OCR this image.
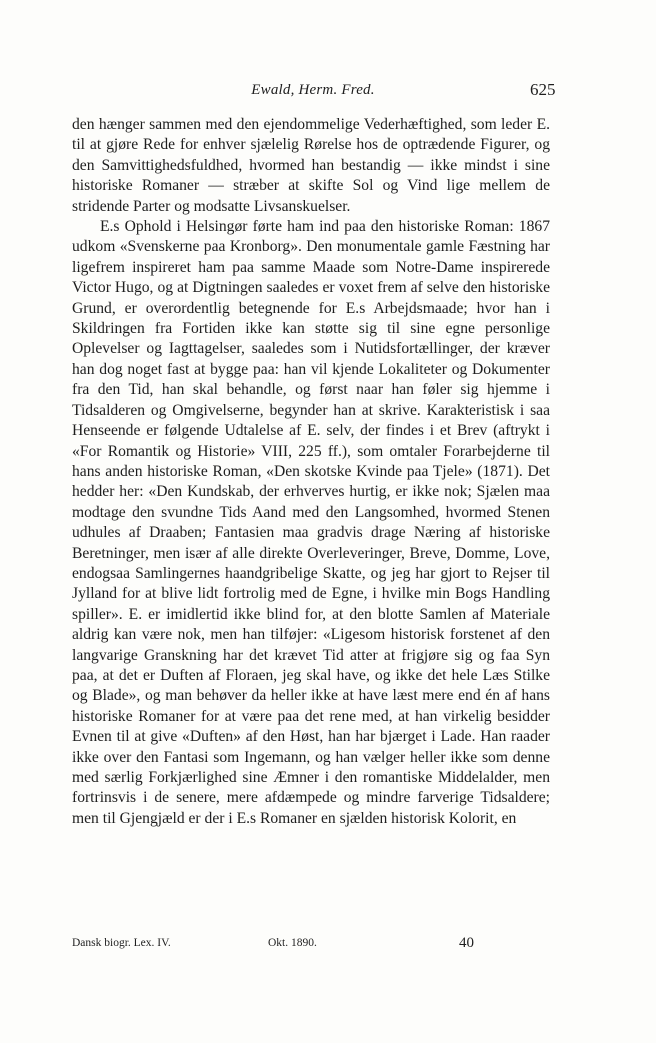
Ewald, Herm. Fred.	625

den hænger sammen med den ejendommelige Vederhæftighed, som leder E. til at gjøre Rede for enhver sjælelig Rørelse hos de optrædende Figurer, og den Samvittighedsfuldhed, hvormed han bestandig — ikke mindst i sine historiske Romaner — stræber at skifte Sol og Vind lige mellem de stridende Parter og modsatte Livsanskuelser.

E.s Ophold i Helsingør førte ham ind paa den historiske Roman: 1867 udkom «Svenskerne paa Kronborg». Den monumentale gamle Fæstning har ligefrem inspireret ham paa samme Maade som Notre-Dame inspirerede Victor Hugo, og at Digtningen saaledes er voxet frem af selve den historiske Grund, er overordentlig betegnende for E.s Arbejdsmaade; hvor han i Skildringen fra Fortiden ikke kan støtte sig til sine egne personlige Oplevelser og Iagttagelser, saaledes som i Nutidsfortællinger, der kræver han dog noget fast at bygge paa: han vil kjende Lokaliteter og Dokumenter fra den Tid, han skal behandle, og først naar han føler sig hjemme i Tidsalderen og Omgivelserne, begynder han at skrive. Karakteristisk i saa Henseende er følgende Udtalelse af E. selv, der findes i et Brev (aftrykt i «For Romantik og Historie» VIII, 225 ff.), som omtaler Forarbejderne til hans anden historiske Roman, «Den skotske Kvinde paa Tjele» (1871). Det hedder her: «Den Kundskab, der erhverves hurtig, er ikke nok; Sjælen maa modtage den svundne Tids Aand med den Langsomhed, hvormed Stenen udhules af Draaben; Fantasien maa gradvis drage Næring af historiske Beretninger, men især af alle direkte Overleveringer, Breve, Domme, Love, endogsaa Samlingernes haandgribelige Skatte, og jeg har gjort to Rejser til Jylland for at blive lidt fortrolig med de Egne, i hvilke min Bogs Handling spiller». E. er imidlertid ikke blind for, at den blotte Samlen af Materiale aldrig kan være nok, men han tilføjer: «Ligesom historisk forstenet af den langvarige Granskning har det krævet Tid atter at frigjøre sig og faa Syn paa, at det er Duften af Floraen, jeg skal have, og ikke det hele Læs Stilke og Blade», og man behøver da heller ikke at have læst mere end én af hans historiske Romaner for at være paa det rene med, at han virkelig besidder Evnen til at give «Duften» af den Høst, han har bjærget i Lade. Han raader ikke over den Fantasi som Ingemann, og han vælger heller ikke som denne med særlig Forkjærlighed sine Æmner i den romantiske Middelalder, men fortrinsvis i de senere, mere afdæmpede og mindre farverige Tidsaldere; men til Gjengjæld er der i E.s Romaner en sjælden historisk Kolorit, en

Dansk biogr. Lex. IV.	Okt. 1890.	40
